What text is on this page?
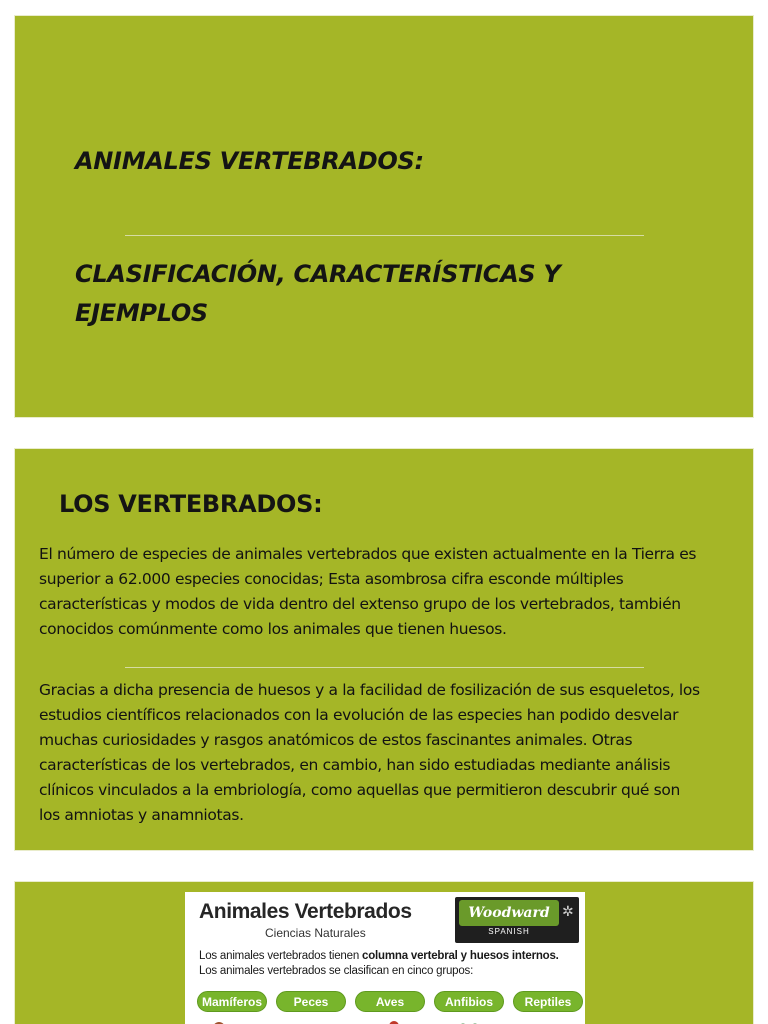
ANIMALES VERTEBRADOS:
CLASIFICACIÓN, CARACTERÍSTICAS Y
EJEMPLOS
LOS VERTEBRADOS:
El número de especies de animales vertebrados que existen actualmente en la Tierra es
superior a 62.000 especies conocidas; Esta asombrosa cifra esconde múltiples
características y modos de vida dentro del extenso grupo de los vertebrados, también
conocidos comúnmente como los animales que tienen huesos.
Gracias a dicha presencia de huesos y a la facilidad de fosilización de sus esqueletos, los
estudios científicos relacionados con la evolución de las especies han podido desvelar
muchas curiosidades y rasgos anatómicos de estos fascinantes animales. Otras
características de los vertebrados, en cambio, han sido estudiadas mediante análisis
clínicos vinculados a la embriología, como aquellas que permitieron descubrir qué son
los amniotas y anamniotas.
Animales Vertebrados
Ciencias Naturales
Woodward
SPANISH
✲
Los animales vertebrados tienen columna vertebral y huesos internos.
Los animales vertebrados se clasifican en cinco grupos:
Mamíferos	Peces	Aves	Anfibios	Reptiles
